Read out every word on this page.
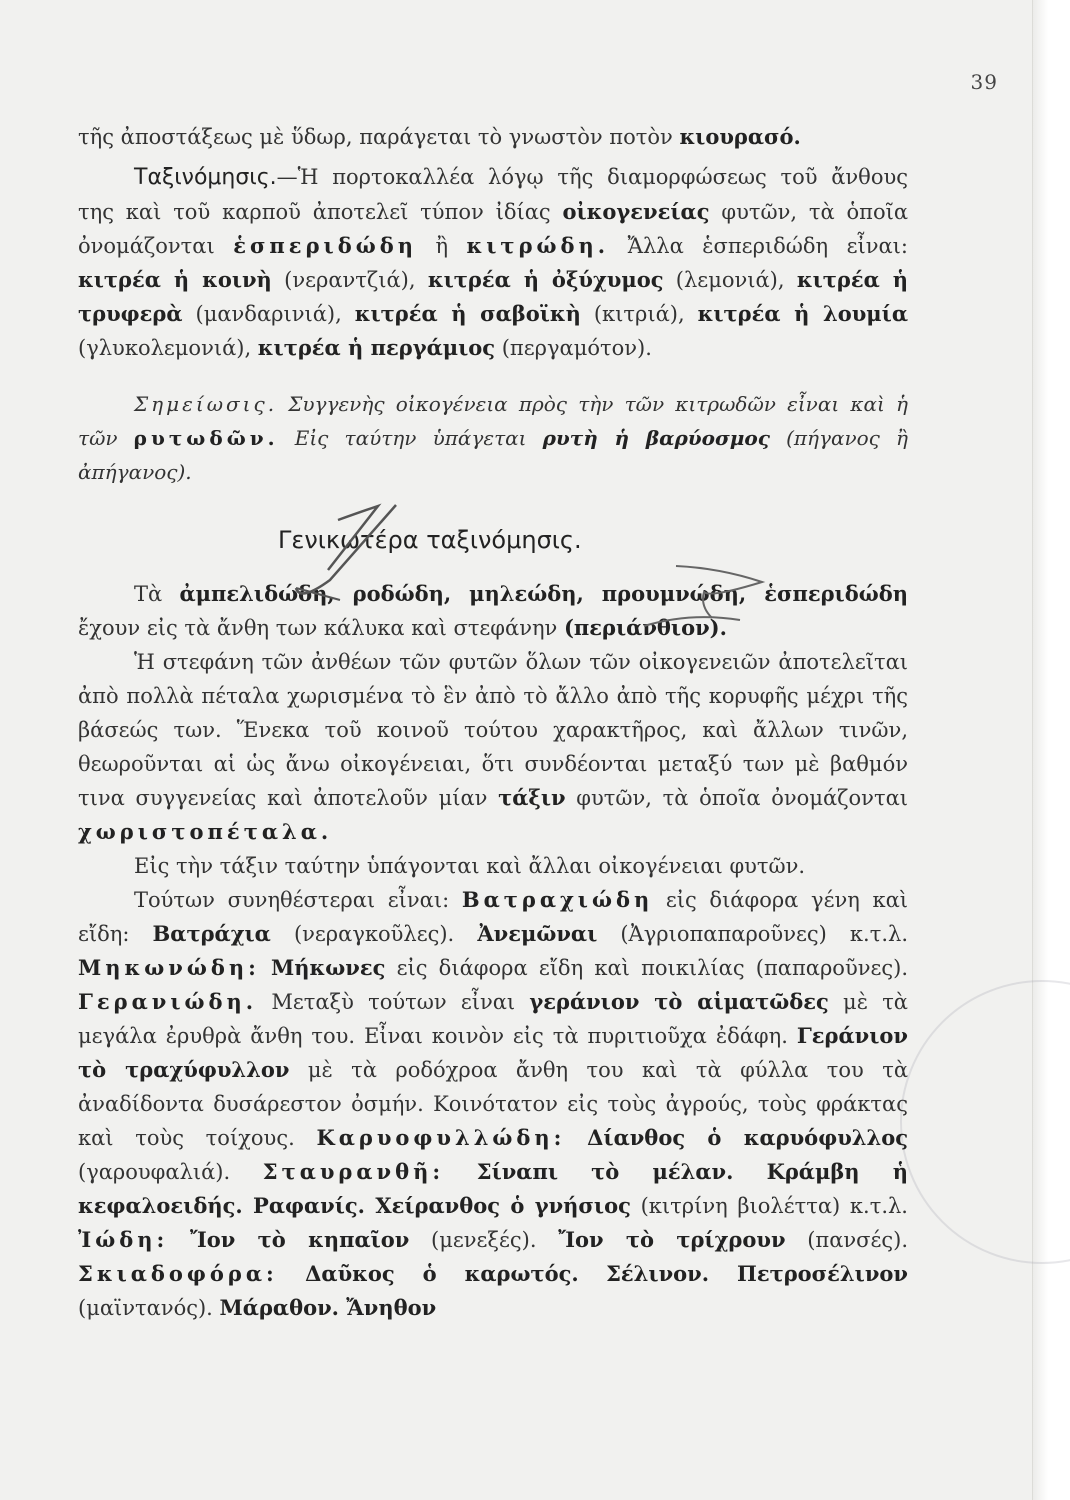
39

τῆς ἀποστάξεως μὲ ὕδωρ, παράγεται τὸ γνωστὸν ποτὸν κιουρασό.

Ταξινόμησις.—Ἡ πορτοκαλλέα λόγῳ τῆς διαμορφώσεως τοῦ ἄνθους της καὶ τοῦ καρποῦ ἀποτελεῖ τύπον ἰδίας οἰκογενείας φυτῶν, τὰ ὁποῖα ὀνομάζονται ἑσπεριδώδη ἢ κιτρώδη. Ἄλλα ἑσπεριδώδη εἶναι: κιτρέα ἡ κοινὴ (νεραντζιά), κιτρέα ἡ ὀξύχυμος (λεμονιά), κιτρέα ἡ τρυφερὰ (μανδαρινιά), κιτρέα ἡ σαβοϊκὴ (κιτριά), κιτρέα ἡ λουμία (γλυκολεμονιά), κιτρέα ἡ περγάμιος (περγαμότον).

Σημείωσις. Συγγενὴς οἰκογένεια πρὸς τὴν τῶν κιτρωδῶν εἶναι καὶ ἡ τῶν ρυτωδῶν. Εἰς ταύτην ὑπάγεται ρυτὴ ἡ βαρύοσμος (πήγανος ἢ ἀπήγανος).

Γενικωτέρα ταξινόμησις.

Τὰ ἀμπελιδώδη, ροδώδη, μηλεώδη, προυμνώδη, ἑσπεριδώδη ἔχουν εἰς τὰ ἄνθη των κάλυκα καὶ στεφάνην (περιάνθιον).

Ἡ στεφάνη τῶν ἀνθέων τῶν φυτῶν ὅλων τῶν οἰκογενειῶν ἀποτελεῖται ἀπὸ πολλὰ πέταλα χωρισμένα τὸ ἓν ἀπὸ τὸ ἄλλο ἀπὸ τῆς κορυφῆς μέχρι τῆς βάσεώς των. Ἕνεκα τοῦ κοινοῦ τούτου χαρακτῆρος, καὶ ἄλλων τινῶν, θεωροῦνται αἱ ὡς ἄνω οἰκογένειαι, ὅτι συνδέονται μεταξύ των μὲ βαθμόν τινα συγγενείας καὶ ἀποτελοῦν μίαν τάξιν φυτῶν, τὰ ὁποῖα ὀνομάζονται χωριστοπέταλα.

Εἰς τὴν τάξιν ταύτην ὑπάγονται καὶ ἄλλαι οἰκογένειαι φυτῶν.

Τούτων συνηθέστεραι εἶναι: Βατραχιώδη εἰς διάφορα γένη καὶ εἴδη: Βατράχια (νεραγκοῦλες). Ἀνεμῶναι (Ἀγριοπαπαροῦνες) κ.τ.λ. Μηκωνώδη: Μήκωνες εἰς διάφορα εἴδη καὶ ποικιλίας (παπαροῦνες). Γερανιώδη. Μεταξὺ τούτων εἶναι γεράνιον τὸ αἱματῶδες μὲ τὰ μεγάλα ἐρυθρὰ ἄνθη του. Εἶναι κοινὸν εἰς τὰ πυριτιοῦχα ἐδάφη. Γεράνιον τὸ τραχύφυλλον μὲ τὰ ροδόχροα ἄνθη του καὶ τὰ φύλλα του τὰ ἀναδίδοντα δυσάρεστον ὀσμήν. Κοινότατον εἰς τοὺς ἀγρούς, τοὺς φράκτας καὶ τοὺς τοίχους. Καρυοφυλλώδη: Δίανθος ὁ καρυόφυλλος (γαρουφαλιά). Σταυρανθῆ: Σίναπι τὸ μέλαν. Κράμβη ἡ κεφαλοειδής. Ραφανίς. Χείρανθος ὁ γνήσιος (κιτρίνη βιολέττα) κ.τ.λ. Ἰώδη: Ἴον τὸ κηπαῖον (μενεξές). Ἴον τὸ τρίχρουν (πανσές). Σκιαδοφόρα: Δαῦκος ὁ καρωτός. Σέλινον. Πετροσέλινον (μαϊντανός). Μάραθον. Ἄνηθον
